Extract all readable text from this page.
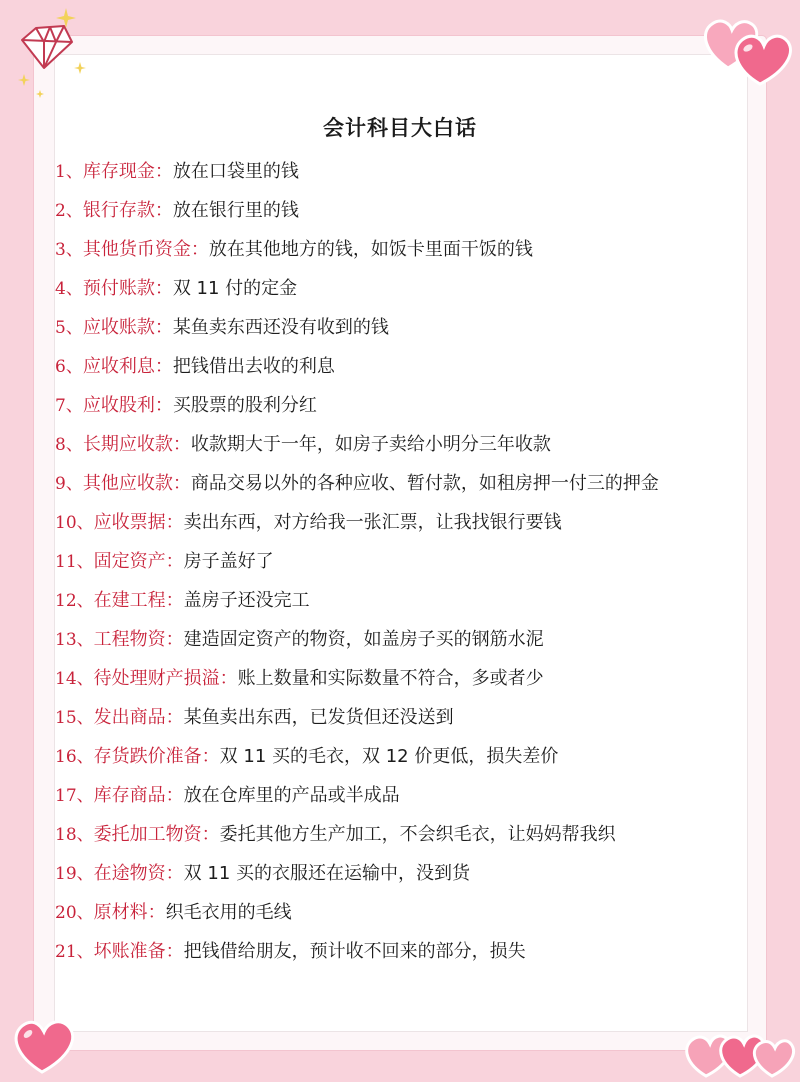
会计科目大白话
1、库存现金：放在口袋里的钱
2、银行存款：放在银行里的钱
3、其他货币资金：放在其他地方的钱，如饭卡里面干饭的钱
4、预付账款：双 11 付的定金
5、应收账款：某鱼卖东西还没有收到的钱
6、应收利息：把钱借出去收的利息
7、应收股利：买股票的股利分红
8、长期应收款：收款期大于一年，如房子卖给小明分三年收款
9、其他应收款：商品交易以外的各种应收、暂付款，如租房押一付三的押金
10、应收票据：卖出东西，对方给我一张汇票，让我找银行要钱
11、固定资产：房子盖好了
12、在建工程：盖房子还没完工
13、工程物资：建造固定资产的物资，如盖房子买的钢筋水泥
14、待处理财产损溢：账上数量和实际数量不符合，多或者少
15、发出商品：某鱼卖出东西，已发货但还没送到
16、存货跌价准备：双 11 买的毛衣，双 12 价更低，损失差价
17、库存商品：放在仓库里的产品或半成品
18、委托加工物资：委托其他方生产加工，不会织毛衣，让妈妈帮我织
19、在途物资：双 11 买的衣服还在运输中，没到货
20、原材料：织毛衣用的毛线
21、坏账准备：把钱借给朋友，预计收不回来的部分，损失
